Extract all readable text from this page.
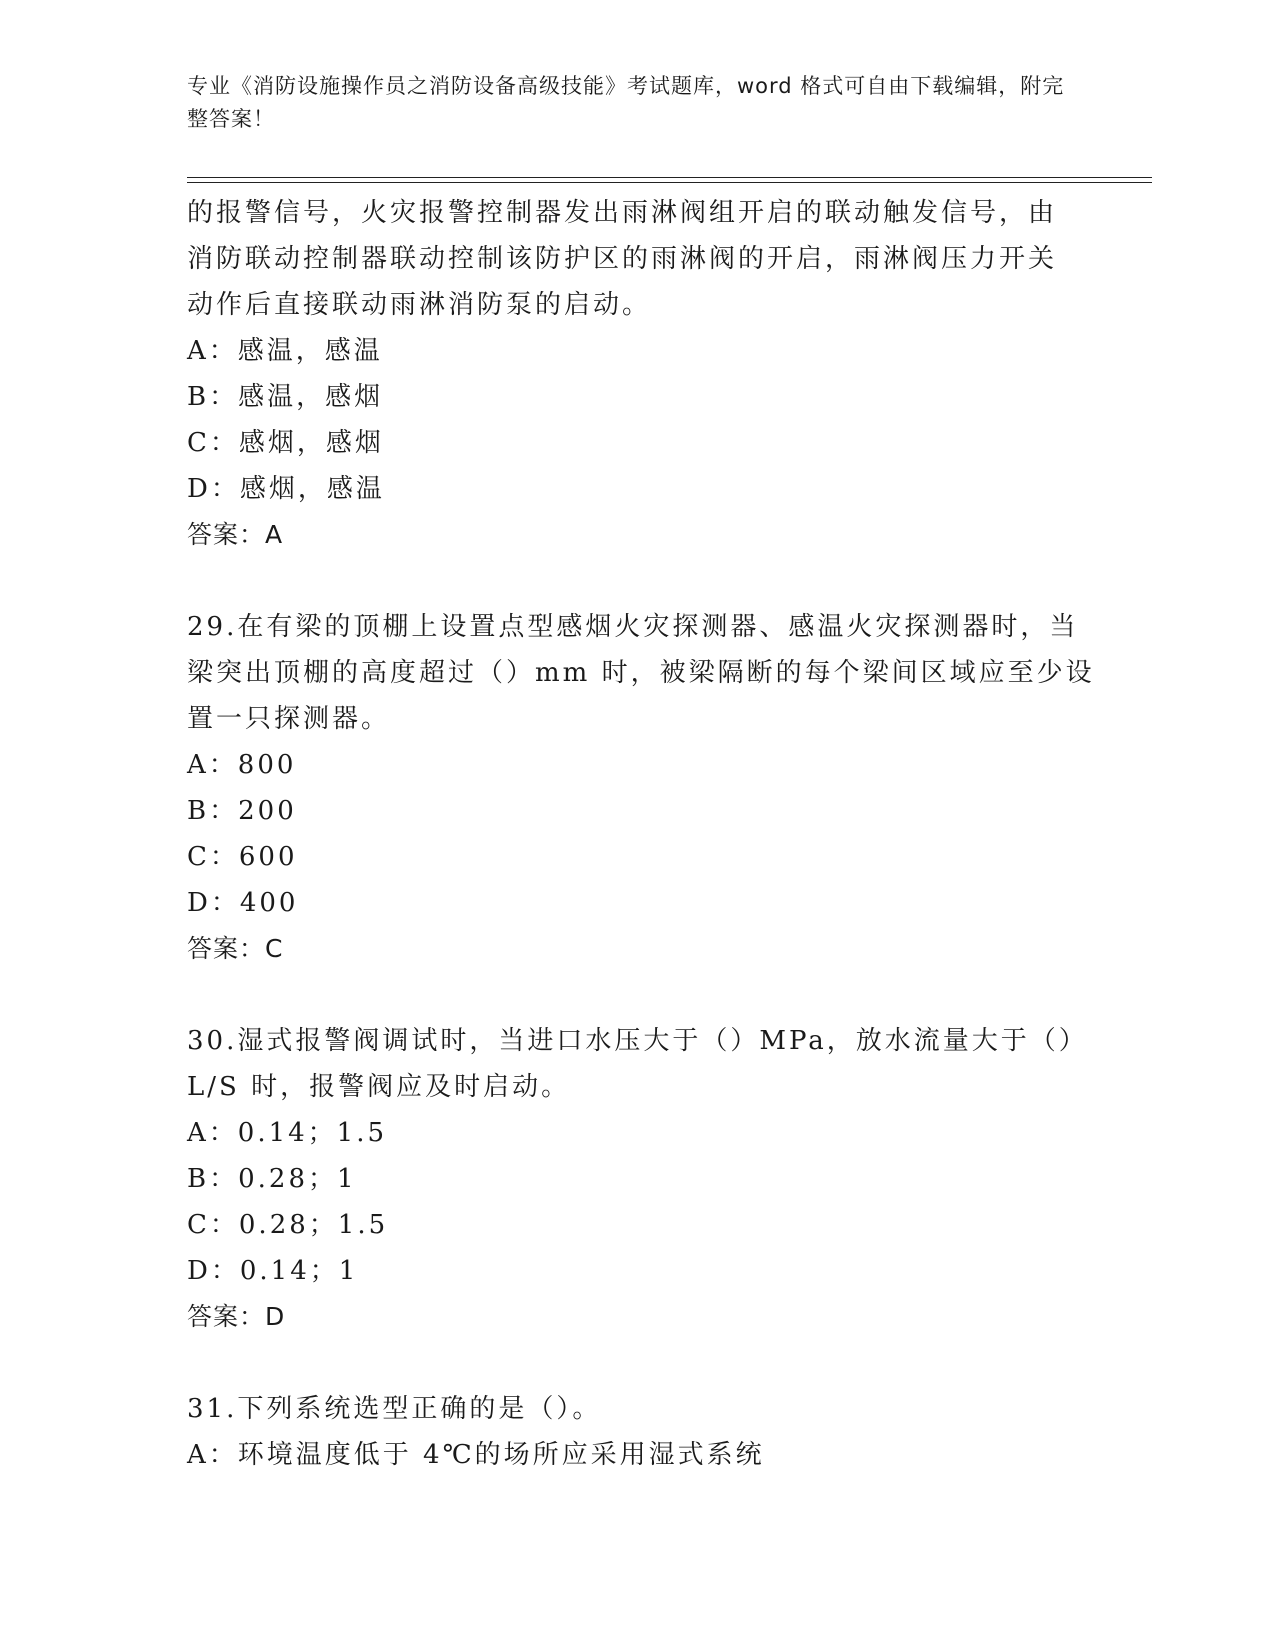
专业《消防设施操作员之消防设备高级技能》考试题库，word 格式可自由下载编辑，附完整答案！
的报警信号，火灾报警控制器发出雨淋阀组开启的联动触发信号，由
消防联动控制器联动控制该防护区的雨淋阀的开启，雨淋阀压力开关
动作后直接联动雨淋消防泵的启动。
A：感温，感温
B：感温，感烟
C：感烟，感烟
D：感烟，感温
答案：A
29.在有梁的顶棚上设置点型感烟火灾探测器、感温火灾探测器时，当
梁突出顶棚的高度超过（）mm 时，被梁隔断的每个梁间区域应至少设
置一只探测器。
A：800
B：200
C：600
D：400
答案：C
30.湿式报警阀调试时，当进口水压大于（）MPa，放水流量大于（）
L/S 时，报警阀应及时启动。
A：0.14；1.5
B：0.28；1
C：0.28；1.5
D：0.14；1
答案：D
31.下列系统选型正确的是（）。
A：环境温度低于 4℃的场所应采用湿式系统
